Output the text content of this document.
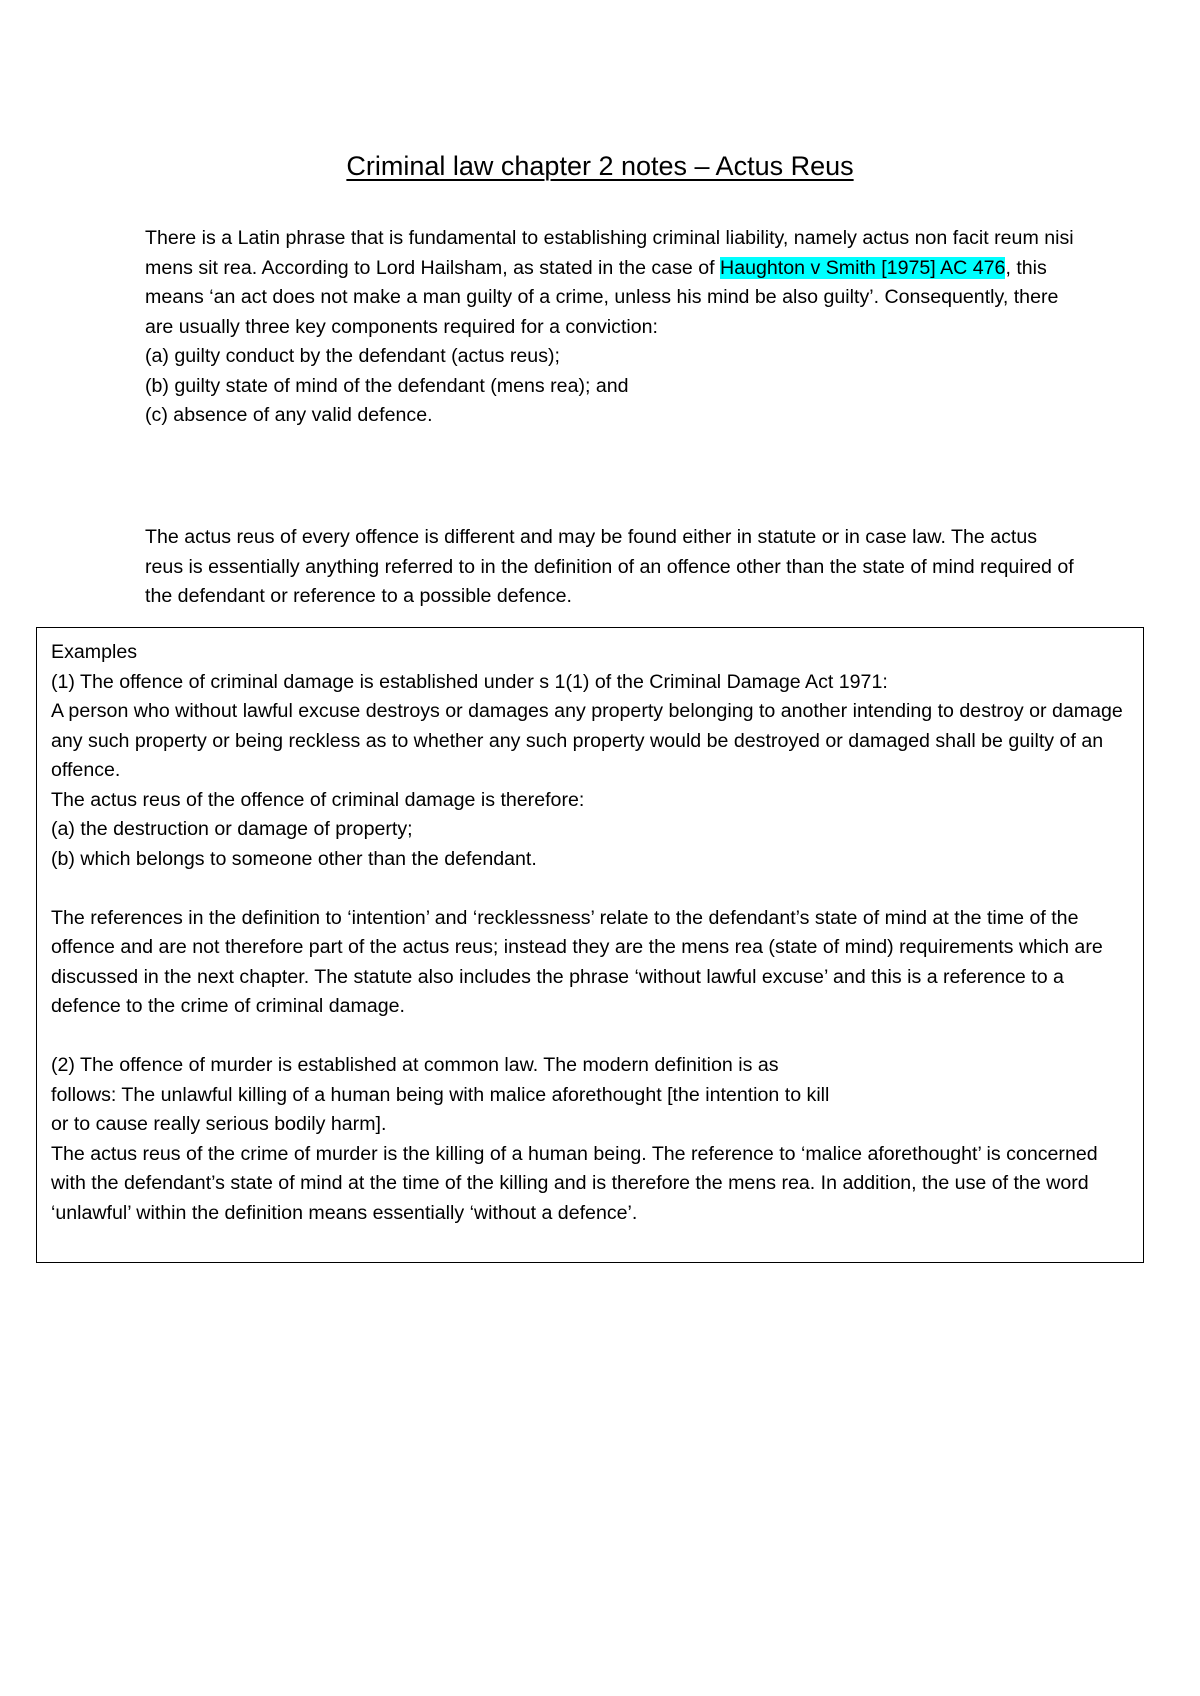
Criminal law chapter 2 notes – Actus Reus

There is a Latin phrase that is fundamental to establishing criminal liability, namely actus non facit reum nisi mens sit rea. According to Lord Hailsham, as stated in the case of Haughton v Smith [1975] AC 476, this means ‘an act does not make a man guilty of a crime, unless his mind be also guilty’. Consequently, there are usually three key components required for a conviction:

(a) guilty conduct by the defendant (actus reus);
(b) guilty state of mind of the defendant (mens rea); and
(c) absence of any valid defence.
The actus reus of every offence is different and may be found either in statute or in case law. The actus reus is essentially anything referred to in the definition of an offence other than the state of mind required of the defendant or reference to a possible defence.

Examples

(1) The offence of criminal damage is established under s 1(1) of the Criminal Damage Act 1971:

A person who without lawful excuse destroys or damages any property belonging to another intending to destroy or damage any such property or being reckless as to whether any such property would be destroyed or damaged shall be guilty of an offence.

The actus reus of the offence of criminal damage is therefore:

(a) the destruction or damage of property;

(b) which belongs to someone other than the defendant.

The references in the definition to ‘intention’ and ‘recklessness’ relate to the defendant’s state of mind at the time of the offence and are not therefore part of the actus reus; instead they are the mens rea (state of mind) requirements which are discussed in the next chapter. The statute also includes the phrase ‘without lawful excuse’ and this is a reference to a defence to the crime of criminal damage.

(2) The offence of murder is established at common law. The modern definition is as

follows: The unlawful killing of a human being with malice aforethought [the intention to kill

or to cause really serious bodily harm].

The actus reus of the crime of murder is the killing of a human being. The reference to ‘malice aforethought’ is concerned with the defendant’s state of mind at the time of the killing and is therefore the mens rea. In addition, the use of the word ‘unlawful’ within the definition means essentially ‘without a defence’.
